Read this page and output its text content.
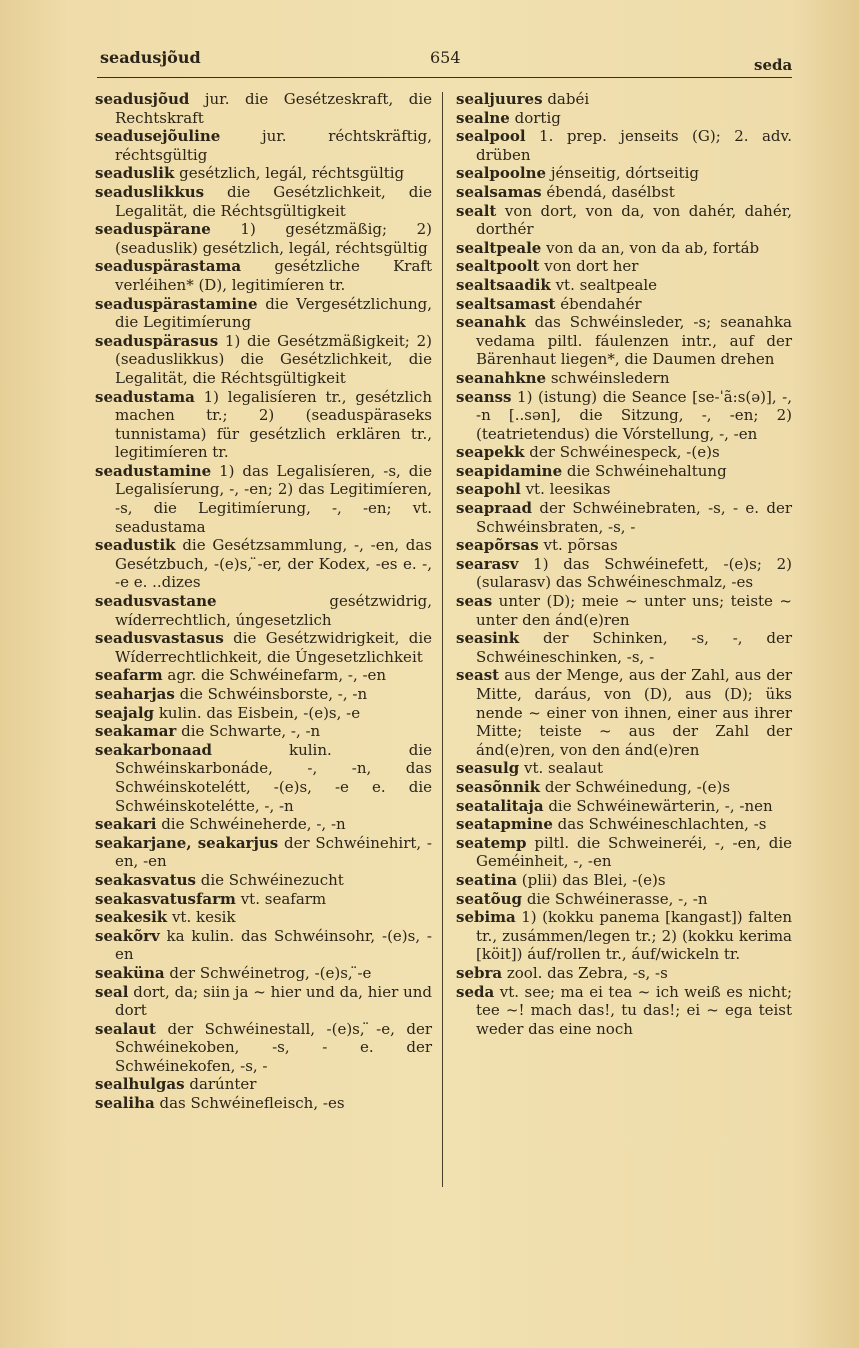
seadusjõud	654	seda

seadusjõud jur. die Gesétzeskraft, die Rechtskraft

seadusejõuline jur. réchtskräftig, réchtsgültig

seaduslik gesétzlich, legál, réchtsgültig

seaduslikkus die Gesétzlichkeit, die Legalität, die Réchtsgültigkeit

seaduspärane 1) gesétzmäßig; 2) (seaduslik) gesétzlich, legál, réchtsgültig

seaduspärastama gesétzliche Kraft verléihen* (D), legitimíeren tr.

seaduspärastamine die Vergesétzlichung, die Legitimíerung

seaduspärasus 1) die Gesétzmäßigkeit; 2) (seaduslikkus) die Gesétzlichkeit, die Legalität, die Réchtsgültigkeit

seadustama 1) legalisíeren tr., gesétzlich machen tr.; 2) (seaduspäraseks tunnistama) für gesétzlich erklären tr., legitimíeren tr.

seadustamine 1) das Legalisíeren, -s, die Legalisíerung, -, -en; 2) das Legitimíeren, -s, die Legitimíerung, -, -en; vt. seadustama

seadustik die Gesétzsammlung, -, -en, das Gesétzbuch, -(e)s, ̈-er, der Kodex, -es e. -, -e e. ..dizes

seadusvastane gesétzwidrig, wíderrechtlich, úngesetzlich

seadusvastasus die Gesétzwidrigkeit, die Wíderrechtlichkeit, die Úngesetzlichkeit

seafarm agr. die Schwéinefarm, -, -en

seaharjas die Schwéinsborste, -, -n

seajalg kulin. das Eisbein, -(e)s, -e

seakamar die Schwarte, -, -n

seakarbonaad kulin. die Schwéinskarbonáde, -, -n, das Schwéinskotelétt, -(e)s, -e e. die Schwéinskotelétte, -, -n

seakari die Schwéineherde, -, -n

seakarjane, seakarjus der Schwéinehirt, -en, -en

seakasvatus die Schwéinezucht

seakasvatusfarm vt. seafarm

seakesik vt. kesik

seakõrv ka kulin. das Schwéinsohr, -(e)s, -en

seaküna der Schwéinetrog, -(e)s, ̈-e

seal dort, da; siin ja ~ hier und da, hier und dort

sealaut der Schwéinestall, -(e)s, ̈-e, der Schwéinekoben, -s, - e. der Schwéinekofen, -s, -

sealhulgas darúnter

sealiha das Schwéinefleisch, -es

sealjuures dabéi

sealne dortig

sealpool 1. prep. jenseits (G); 2. adv. drüben

sealpoolne jénseitig, dórtseitig

sealsamas ébendá, dasélbst

sealt von dort, von da, von dahér, dahér, dorthér

sealtpeale von da an, von da ab, fortáb

sealtpoolt von dort her

sealtsaadik vt. sealtpeale

sealtsamast ébendahér

seanahk das Schwéinsleder, -s; seanahka vedama piltl. fáulenzen intr., auf der Bärenhaut liegen*, die Daumen drehen

seanahkne schwéinsledern

seanss 1) (istung) die Seance [se-ˈã:s(ə)], -, -n [..sən], die Sitzung, -, -en; 2) (teatrietendus) die Vórstellung, -, -en

seapekk der Schwéinespeck, -(e)s

seapidamine die Schwéinehaltung

seapohl vt. leesikas

seapraad der Schwéinebraten, -s, - e. der Schwéinsbraten, -s, -

seapõrsas vt. põrsas

searasv 1) das Schwéinefett, -(e)s; 2) (sularasv) das Schwéineschmalz, -es

seas unter (D); meie ~ unter uns; teiste ~ unter den ánd(e)ren

seasink der Schinken, -s, -, der Schwéineschinken, -s, -

seast aus der Menge, aus der Zahl, aus der Mitte, daráus, von (D), aus (D); üks nende ~ einer von ihnen, einer aus ihrer Mitte; teiste ~ aus der Zahl der ánd(e)ren, von den ánd(e)ren

seasulg vt. sealaut

seasõnnik der Schwéinedung, -(e)s

seatalitaja die Schwéinewärterin, -, -nen

seatapmine das Schwéineschlachten, -s

seatemp piltl. die Schweineréi, -, -en, die Geméinheit, -, -en

seatina (plii) das Blei, -(e)s

seatõug die Schwéinerasse, -, -n

sebima 1) (kokku panema [kangast]) falten tr., zusámmen/legen tr.; 2) (kokku kerima [köit]) áuf/rollen tr., áuf/wickeln tr.

sebra zool. das Zebra, -s, -s

seda vt. see; ma ei tea ~ ich weiß es nicht; tee ~! mach das!, tu das!; ei ~ ega teist weder das eine noch
